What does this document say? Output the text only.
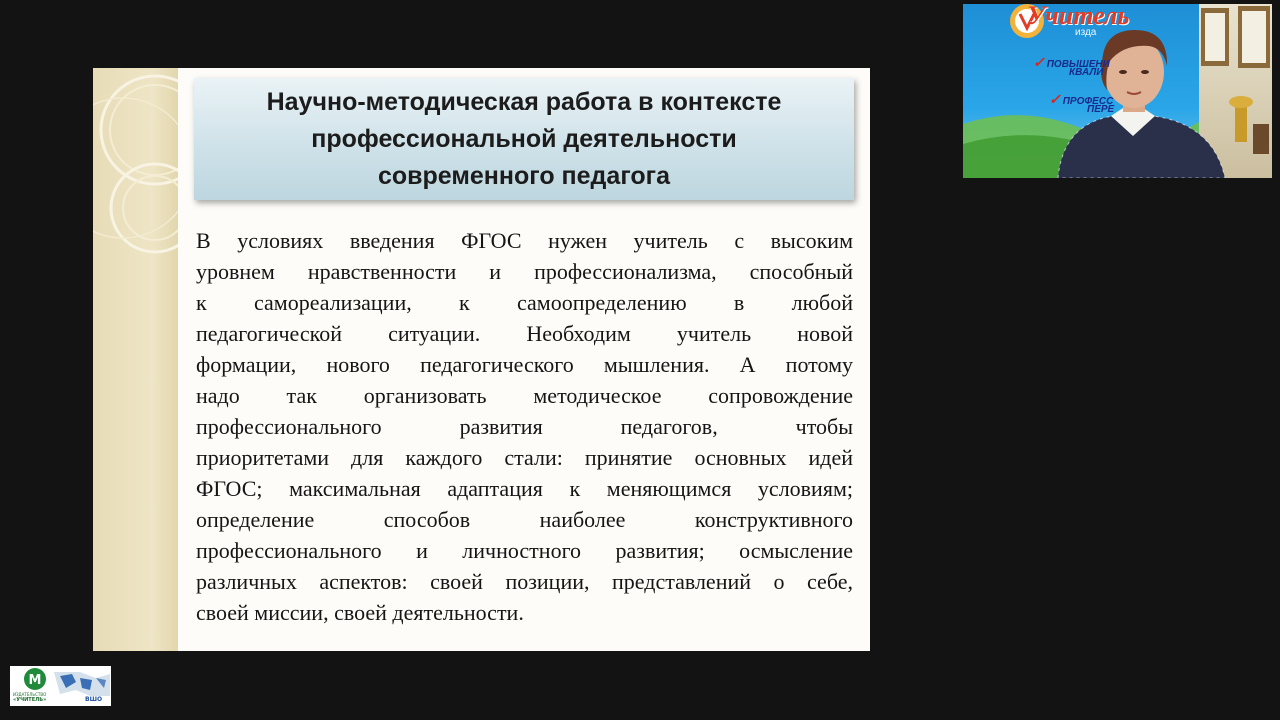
Научно-методическая работа в контексте
профессиональной деятельности
современного педагога

В условиях введения ФГОС нужен учитель с высоким
уровнем нравственности и профессионализма, способный
к самореализации, к самоопределению в любой
педагогической ситуации. Необходим учитель новой
формации, нового педагогического мышления. А потому
надо так организовать методическое сопровождение
профессионального развития педагогов, чтобы
приоритетами для каждого стали: принятие основных идей
ФГОС; максимальная адаптация к меняющимся условиям;
определение способов наиболее конструктивного
профессионального и личностного развития; осмысление
различных аспектов: своей позиции, представлений о себе,
своей миссии, своей деятельности.

Учитель
изда
✓ ПОВЫШЕНИ
КВАЛИ
✓ ПРОФЕСС
ПЕРЕ
М
ИЗДАТЕЛЬСТВО
«УЧИТЕЛЬ»	ВШО
